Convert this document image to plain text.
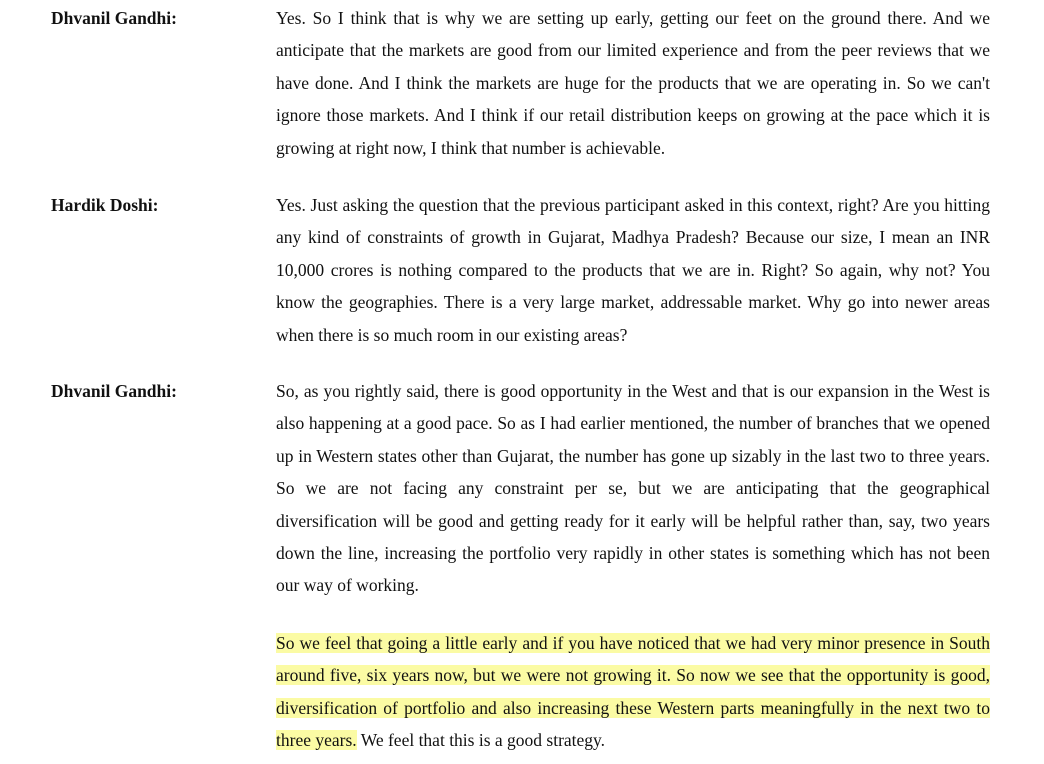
Dhvanil Gandhi:	Yes. So I think that is why we are setting up early, getting our feet on the ground there. And we anticipate that the markets are good from our limited experience and from the peer reviews that we have done. And I think the markets are huge for the products that we are operating in. So we can't ignore those markets. And I think if our retail distribution keeps on growing at the pace which it is growing at right now, I think that number is achievable.

Hardik Doshi:	Yes. Just asking the question that the previous participant asked in this context, right? Are you hitting any kind of constraints of growth in Gujarat, Madhya Pradesh? Because our size, I mean an INR 10,000 crores is nothing compared to the products that we are in. Right? So again, why not? You know the geographies. There is a very large market, addressable market. Why go into newer areas when there is so much room in our existing areas?

Dhvanil Gandhi:	So, as you rightly said, there is good opportunity in the West and that is our expansion in the West is also happening at a good pace. So as I had earlier mentioned, the number of branches that we opened up in Western states other than Gujarat, the number has gone up sizably in the last two to three years. So we are not facing any constraint per se, but we are anticipating that the geographical diversification will be good and getting ready for it early will be helpful rather than, say, two years down the line, increasing the portfolio very rapidly in other states is something which has not been our way of working.

So we feel that going a little early and if you have noticed that we had very minor presence in South around five, six years now, but we were not growing it. So now we see that the opportunity is good, diversification of portfolio and also increasing these Western parts meaningfully in the next two to three years. We feel that this is a good strategy.
